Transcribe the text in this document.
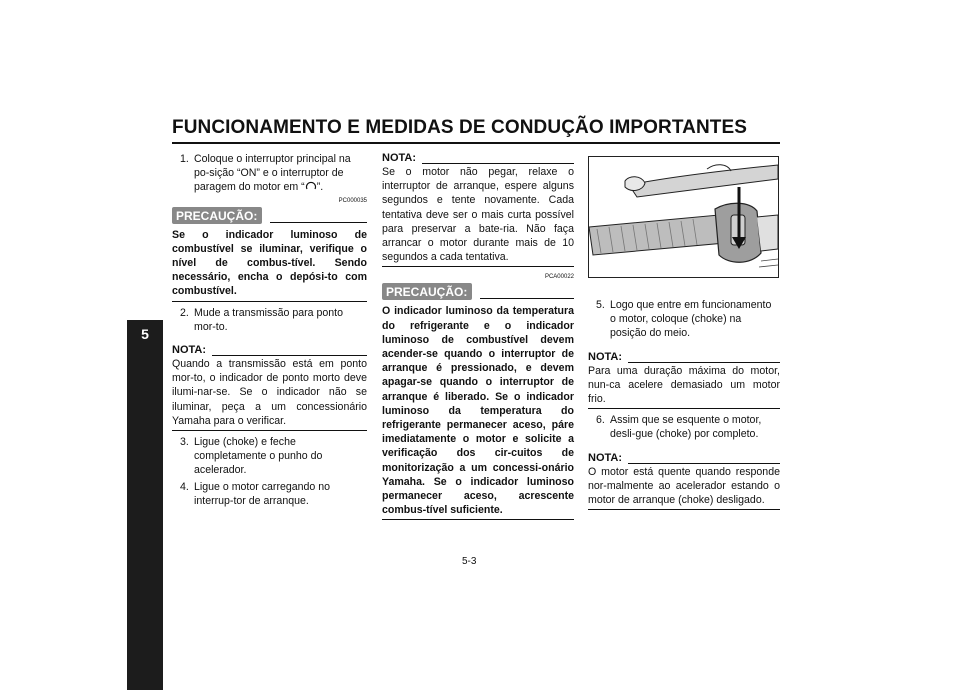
FUNCIONAMENTO E MEDIDAS DE CONDUÇÃO IMPORTANTES
5
1. Coloque o interruptor principal na po-sição “ON” e o interruptor de paragem do motor em “ ”.
PC000035
PRECAUÇÃO:
Se o indicador luminoso de combustível se iluminar, verifique o nível de combus-tível. Sendo necessário, encha o depósi-to com combustível.
2. Mude a transmissão para ponto mor-to.
NOTA:
Quando a transmissão está em ponto mor-to, o indicador de ponto morto deve ilumi-nar-se. Se o indicador não se iluminar, peça a um concessionário Yamaha para o verificar.
3. Ligue (choke) e feche completamente o punho do acelerador.
4. Ligue o motor carregando no interrup-tor de arranque.
NOTA:
Se o motor não pegar, relaxe o interruptor de arranque, espere alguns segundos e tente novamente. Cada tentativa deve ser o mais curta possível para preservar a bate-ria. Não faça arrancar o motor durante mais de 10 segundos a cada tentativa.
PCA00022
PRECAUÇÃO:
O indicador luminoso da temperatura do refrigerante e o indicador luminoso de combustível devem acender-se quando o interruptor de arranque é pressionado, e devem apagar-se quando o interruptor de arranque é liberado. Se o indicador luminoso da temperatura do refrigerante permanecer aceso, páre imediatamente o motor e solicite a verificação dos cir-cuitos de monitorização a um concessi-onário Yamaha. Se o indicador luminoso permanecer aceso, acrescente combus-tível suficiente.
5. Logo que entre em funcionamento o motor, coloque (choke) na posição do meio.
NOTA:
Para uma duração máxima do motor, nun-ca acelere demasiado um motor frio.
6. Assim que se esquente o motor, desli-gue (choke) por completo.
NOTA:
O motor está quente quando responde nor-malmente ao acelerador estando o motor de arranque (choke) desligado.
5-3
